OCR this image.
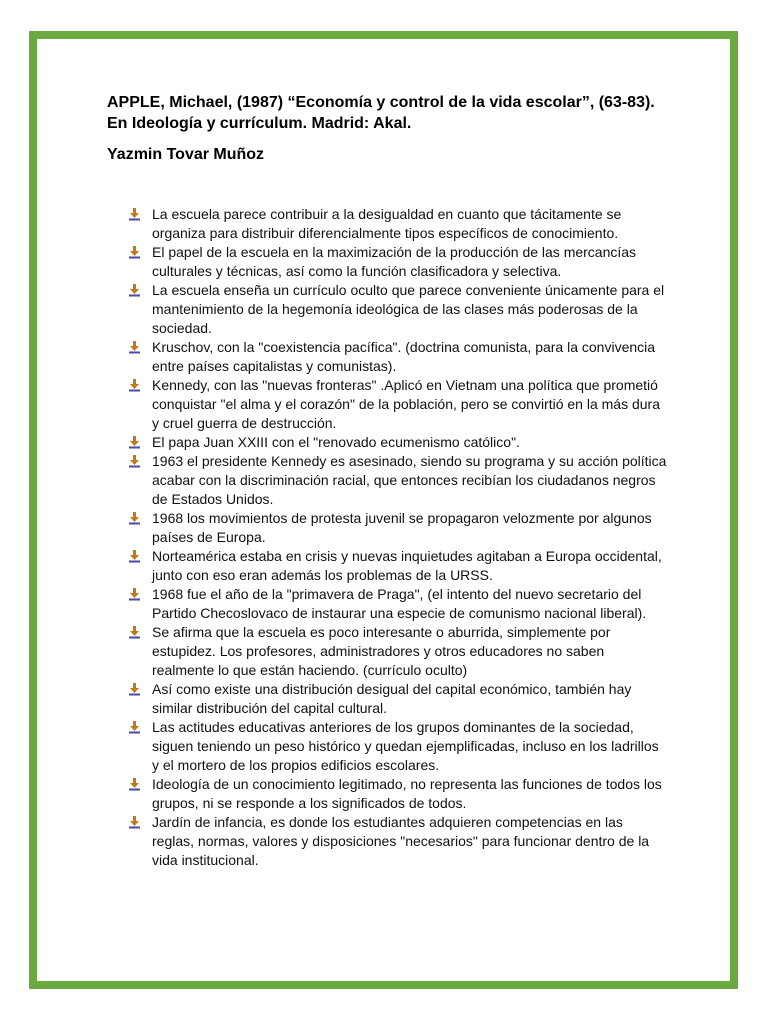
APPLE, Michael, (1987) “Economía y control de la vida escolar”, (63-83). En Ideología y currículum. Madrid: Akal.

Yazmin Tovar Muñoz

La escuela parece contribuir a la desigualdad en cuanto que tácitamente se organiza para distribuir diferencialmente tipos específicos de conocimiento.
El papel de la escuela en la maximización de la producción de las mercancías culturales y técnicas, así como la función clasificadora y selectiva.
La escuela enseña un currículo oculto que parece conveniente únicamente para el mantenimiento de la hegemonía ideológica de las clases más poderosas de la sociedad.
Kruschov, con la "coexistencia pacífica". (doctrina comunista, para la convivencia entre países capitalistas y comunistas).
Kennedy, con las "nuevas fronteras" .Aplicó en Vietnam una política que prometió conquistar "el alma y el corazón" de la población, pero se convirtió en la más dura y cruel guerra de destrucción.
El papa Juan XXIII con el "renovado ecumenismo católico".
1963 el presidente Kennedy es asesinado, siendo su programa y su acción política acabar con la discriminación racial, que entonces recibían los ciudadanos negros de Estados Unidos.
1968 los movimientos de protesta juvenil se propagaron velozmente por algunos países de Europa.
Norteamérica estaba en crisis y nuevas inquietudes agitaban a Europa occidental, junto con eso eran además los problemas de la URSS.
1968 fue el año de la "primavera de Praga", (el intento del nuevo secretario del Partido Checoslovaco de instaurar una especie de comunismo nacional liberal).
Se afirma que la escuela es poco interesante o aburrida, simplemente por estupidez. Los profesores, administradores y otros educadores no saben realmente lo que están haciendo. (currículo oculto)
Así como existe una distribución desigual del capital económico, también hay similar distribución del capital cultural.
Las actitudes educativas anteriores de los grupos dominantes de la sociedad, siguen teniendo un peso histórico y quedan ejemplificadas, incluso en los ladrillos y el mortero de los propios edificios escolares.
Ideología de un conocimiento legitimado, no representa las funciones de todos los grupos, ni se responde a los significados de todos.
Jardín de infancia, es donde los estudiantes adquieren competencias en las reglas, normas, valores y disposiciones "necesarios" para funcionar dentro de la vida institucional.
